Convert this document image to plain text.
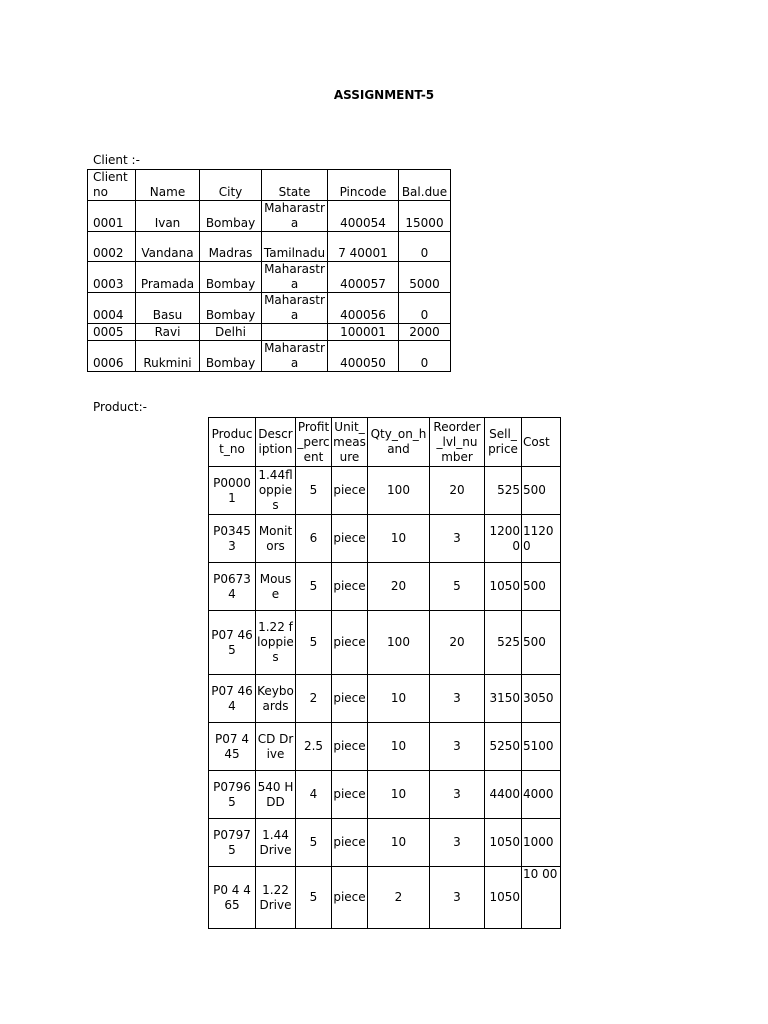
ASSIGNMENT-5
Client :-
Client no	Name	City	State	Pincode	Bal.due
0001	Ivan	Bombay	Maharastra	400054	15000
0002	Vandana	Madras	Tamilnadu	7 40001	0
0003	Pramada	Bombay	Maharastra	400057	5000
0004	Basu	Bombay	Maharastra	400056	0
0005	Ravi	Delhi		100001	2000
0006	Rukmini	Bombay	Maharastra	400050	0
Product:-
Product_no	Description	Profit_percent	Unit_measure	Qty_on_hand	Reorder_lvl_number	Sell_price	Cost
P00001	1.44floppies	5	piece	100	20	525	500
P03453	Monitors	6	piece	10	3	12000	11200
P06734	Mouse	5	piece	20	5	1050	500
P07 465	1.22 floppies	5	piece	100	20	525	500
P07 46 4	Keybo ards	2	piece	10	3	3150	3050
P07 4 45	CD Drive	2.5	piece	10	3	5250	5100
P07965	540 HDD	4	piece	10	3	4400	4000
P07975	1.44 Drive	5	piece	10	3	1050	1000
P0 4 465	1.22 Drive	5	piece	2	3	1050	10 00
